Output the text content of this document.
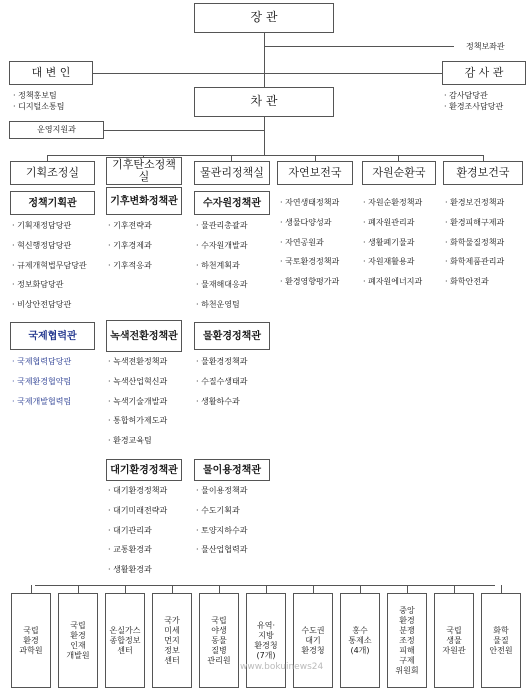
장 관
정책보좌관
대 변 인
· 정책홍보팀
· 디지털소통팀
감 사 관
· 감사담당관
· 환경조사담당관
차 관
운영지원과
기획조정실
기후탄소정책실	물관리정책실 자연보전국	자원순환국	환경보건국
정책기획관
· 기획재정담당관
· 혁신행정담당관
· 규제개혁법무담당관
· 정보화담당관
· 비상안전담당관
국제협력관
· 국제협력담당관
· 국제환경협약팀
· 국제개발협력팀
기후변화정책관
· 기후전략과
· 기후경제과
· 기후적응과
녹색전환정책관
· 녹색전환정책과
· 녹색산업혁신과
· 녹색기술개발과
· 통합허가제도과
· 환경교육팀
대기환경정책관
· 대기환경정책과
· 대기미래전략과
· 대기관리과
· 교통환경과
· 생활환경과
수자원정책관
· 물관리총괄과
· 수자원개발과
· 하천계획과
· 물재해대응과
· 하천운영팀
물환경정책관
· 물환경정책과
· 수질수생태과
· 생활하수과
물이용정책관
· 물이용정책과
· 수도기획과
· 토양지하수과
· 물산업협력과
· 자연생태정책과
· 생물다양성과
· 자연공원과
· 국토환경정책과
· 환경영향평가과
· 자원순환정책과
· 폐자원관리과
· 생활폐기물과
· 자원재활용과
· 폐자원에너지과
· 환경보건정책과
· 환경피해구제과
· 화학물질정책과
· 화학제품관리과
· 화학안전과
국립
환경
과학원
국립
환경
인재
개발원
온실가스
종합정보
센터
국가
미세
먼지
정보
센터
국립
야생
동물
질병
관리원
유역·
지방
환경청
(7개)
수도권
대기
환경청
홍수
통제소
(4개)
중앙
환경
분쟁
조정
피해
구제
위원회
국립
생물
자원관
화학
물질
안전원
www.bokuinews24
